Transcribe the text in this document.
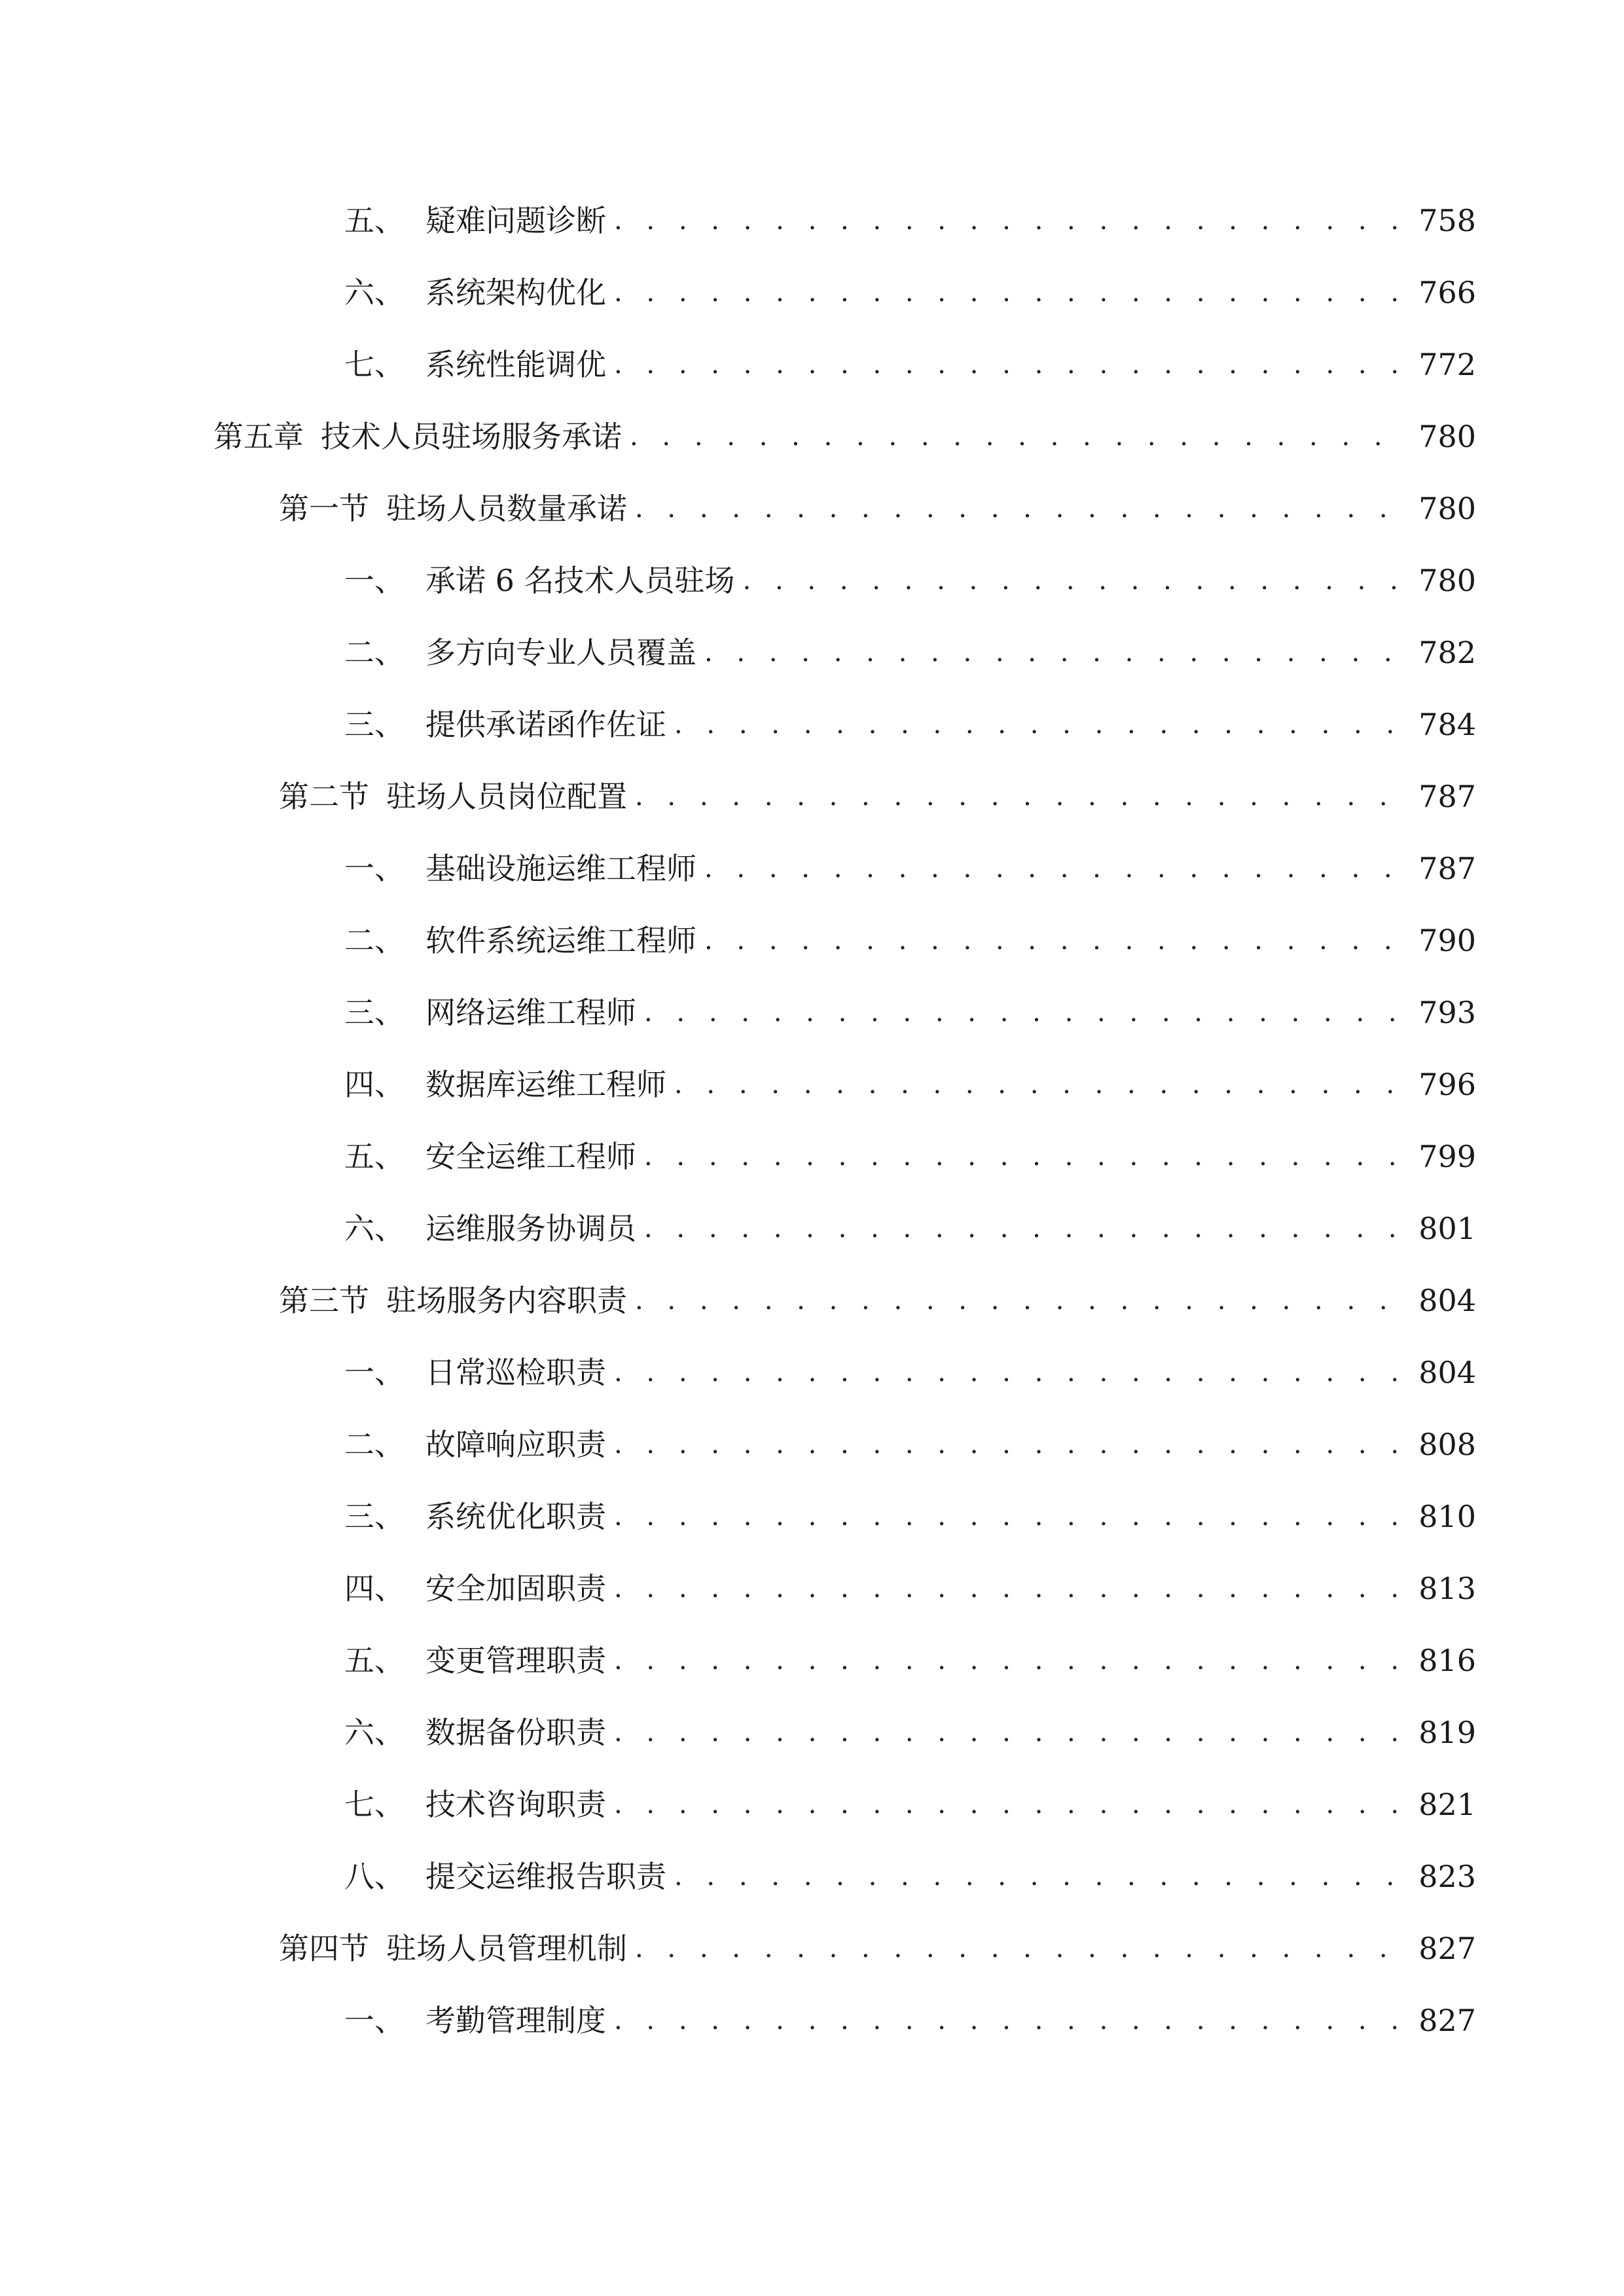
五、 疑难问题诊断 . . .	758
六、 系统架构优化 . . .	766
七、 系统性能调优 . . .	772
第五章 技术人员驻场服务承诺 . . .	780
第一节 驻场人员数量承诺 . . .	780
一、 承诺 6 名技术人员驻场 . . .	780
二、 多方向专业人员覆盖 . . .	782
三、 提供承诺函作佐证 . . .	784
第二节 驻场人员岗位配置 . . .	787
一、 基础设施运维工程师 . . .	787
二、 软件系统运维工程师 . . .	790
三、 网络运维工程师 . . .	793
四、 数据库运维工程师 . . .	796
五、 安全运维工程师 . . .	799
六、 运维服务协调员 . . .	801
第三节 驻场服务内容职责 . . .	804
一、 日常巡检职责 . . .	804
二、 故障响应职责 . . .	808
三、 系统优化职责 . . .	810
四、 安全加固职责 . . .	813
五、 变更管理职责 . . .	816
六、 数据备份职责 . . .	819
七、 技术咨询职责 . . .	821
八、 提交运维报告职责 . . .	823
第四节 驻场人员管理机制 . . .	827
一、 考勤管理制度 . . .	827
